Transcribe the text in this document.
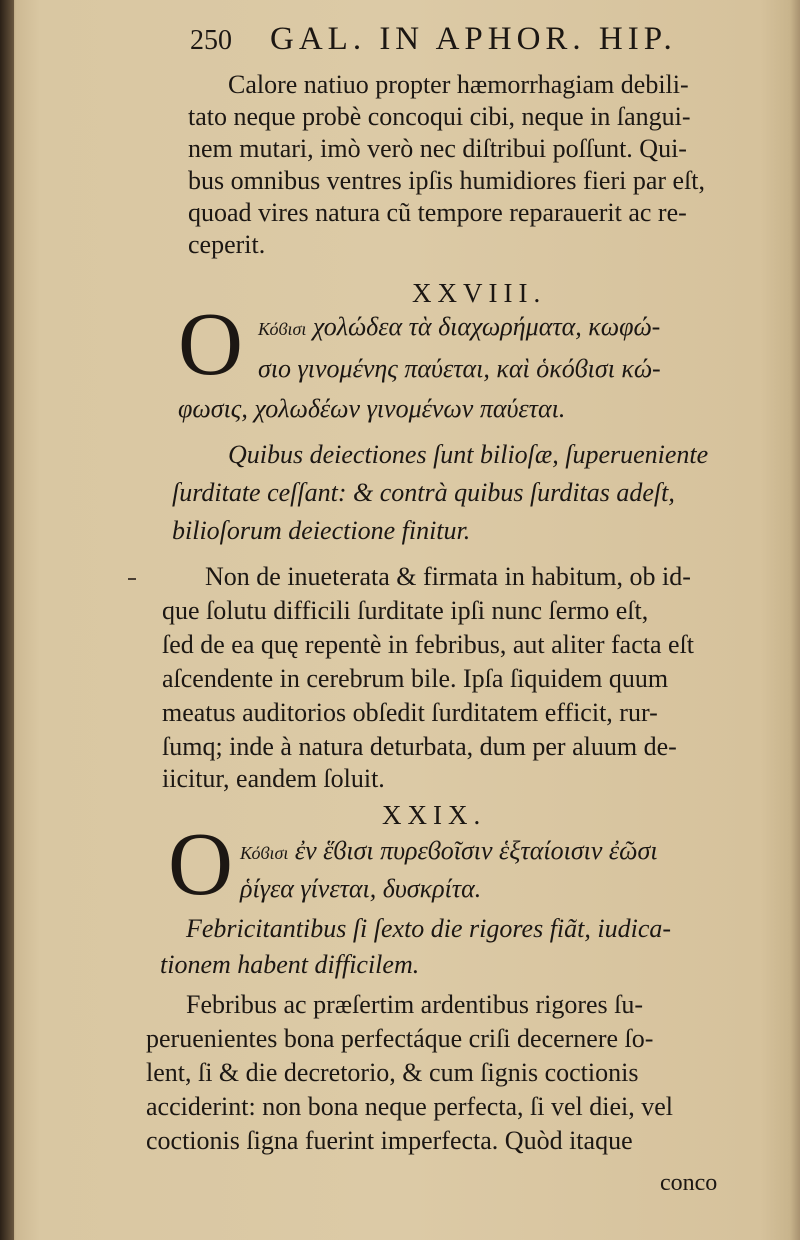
250 GAL. IN APHOR. HIP.
Calore natiuo propter hæmorrhagiam debili-
tato neque probè concoqui cibi, neque in ſangui-
nem mutari, imò verò nec diſtribui poſſunt. Qui-
bus omnibus ventres ipſis humidiores fieri par eſt,
quoad vires natura cũ tempore reparauerit ac re-
ceperit.
XXVIII.
O Κόϐισι χολώδεα τὰ διαχωρήματα, κωφώ-
σιο γινομένης παύεται, καὶ ὁκόϐισι κώ-
φωσις, χολωδέων γινομένων παύεται.
Quibus deiectiones ſunt bilioſæ, ſuperueniente
ſurditate ceſſant: & contrà quibus ſurditas adeſt,
bilioſorum deiectione finitur.
Non de inueterata & firmata in habitum, ob id-
que ſolutu difficili ſurditate ipſi nunc ſermo eſt,
ſed de ea quę repentè in febribus, aut aliter facta eſt
aſcendente in cerebrum bile. Ipſa ſiquidem quum
meatus auditorios obſedit ſurditatem efficit, rur-
ſumq; inde à natura deturbata, dum per aluum de-
iicitur, eandem ſoluit.
XXIX.
O Κόϐισι ἐν ἕϐισι πυρεϐοῖσιν ἑξταίοισιν ἐῶσι
ῥίγεα γίνεται, δυσκρίτα.
Febricitantibus ſi ſexto die rigores fiãt, iudica-
tionem habent difficilem.
Febribus ac præſertim ardentibus rigores ſu-
peruenientes bona perfectáque criſi decernere ſo-
lent, ſi & die decretorio, & cum ſignis coctionis
acciderint: non bona neque perfecta, ſi vel diei, vel
coctionis ſigna fuerint imperfecta. Quòd itaque
conco
